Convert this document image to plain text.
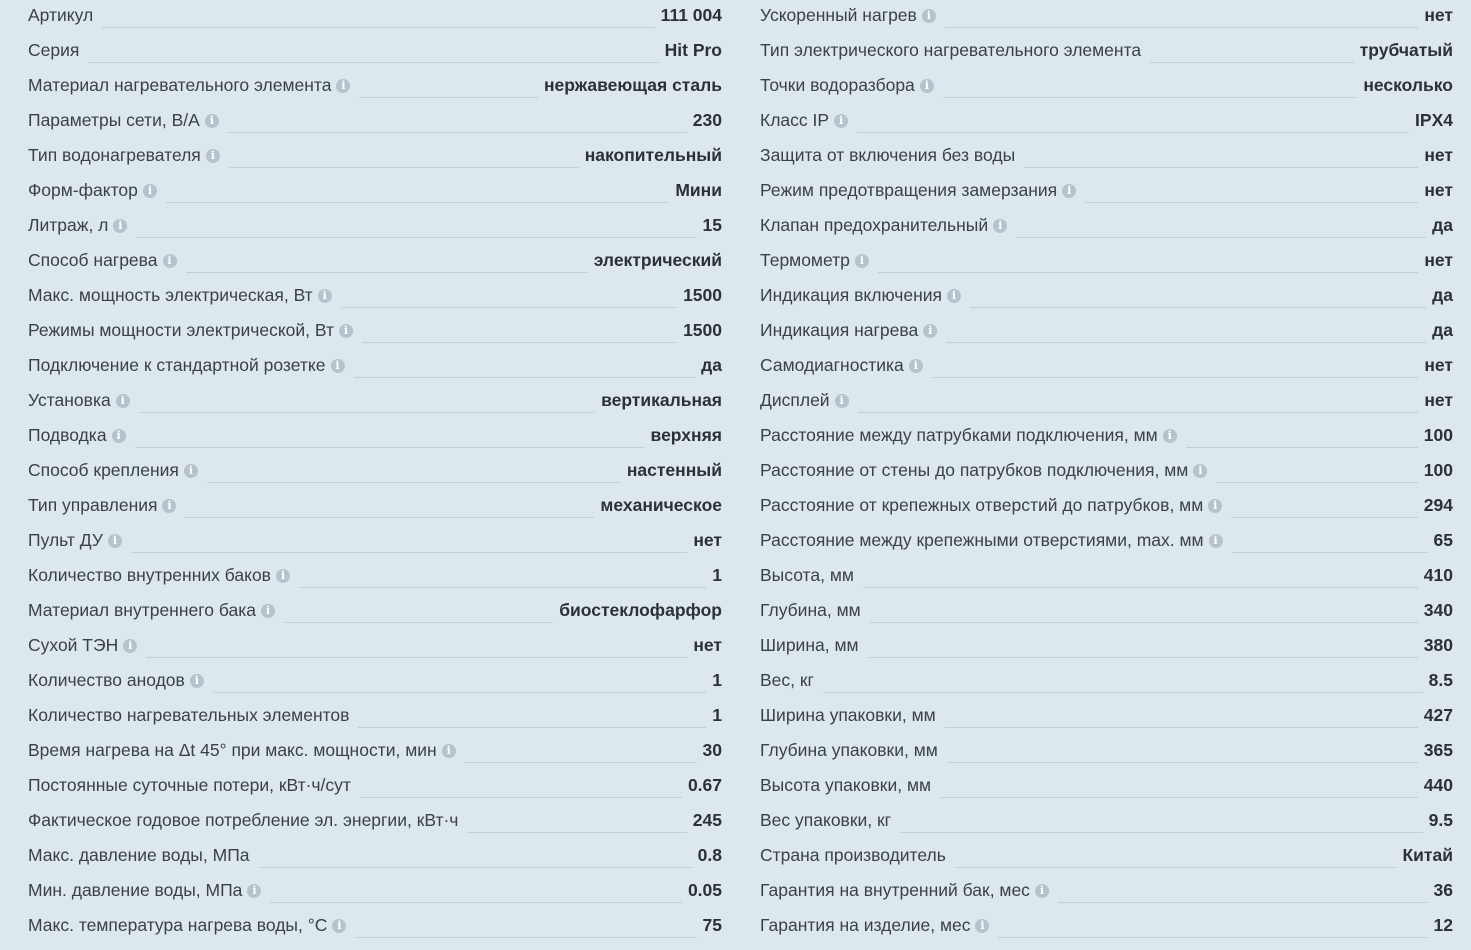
Артикул	111 004
Серия	Hit Pro
Материал нагревательного элемента i	нержавеющая сталь
Параметры сети, В/А i	230
Тип водонагревателя i	накопительный
Форм-фактор i	Мини
Литраж, л i	15
Способ нагрева i	электрический
Макс. мощность электрическая, Вт i	1500
Режимы мощности электрической, Вт i	1500
Подключение к стандартной розетке i	да
Установка i	вертикальная
Подводка i	верхняя
Способ крепления i	настенный
Тип управления i	механическое
Пульт ДУ i	нет
Количество внутренних баков i	1
Материал внутреннего бака i	биостеклофарфор
Сухой ТЭН i	нет
Количество анодов i	1
Количество нагревательных элементов	1
Время нагрева на Δt 45° при макс. мощности, мин i	30
Постоянные суточные потери, кВт·ч/сут	0.67
Фактическое годовое потребление эл. энергии, кВт·ч	245
Макс. давление воды, МПа	0.8
Мин. давление воды, МПа i	0.05
Макс. температура нагрева воды, °С i	75
Ускоренный нагрев i	нет
Тип электрического нагревательного элемента	трубчатый
Точки водоразбора i	несколько
Класс IP i	IPX4
Защита от включения без воды	нет
Режим предотвращения замерзания i	нет
Клапан предохранительный i	да
Термометр i	нет
Индикация включения i	да
Индикация нагрева i	да
Самодиагностика i	нет
Дисплей i	нет
Расстояние между патрубками подключения, мм i	100
Расстояние от стены до патрубков подключения, мм i	100
Расстояние от крепежных отверстий до патрубков, мм i	294
Расстояние между крепежными отверстиями, max. мм i	65
Высота, мм	410
Глубина, мм	340
Ширина, мм	380
Вес, кг	8.5
Ширина упаковки, мм	427
Глубина упаковки, мм	365
Высота упаковки, мм	440
Вес упаковки, кг	9.5
Страна производитель	Китай
Гарантия на внутренний бак, мес i	36
Гарантия на изделие, мес i	12
